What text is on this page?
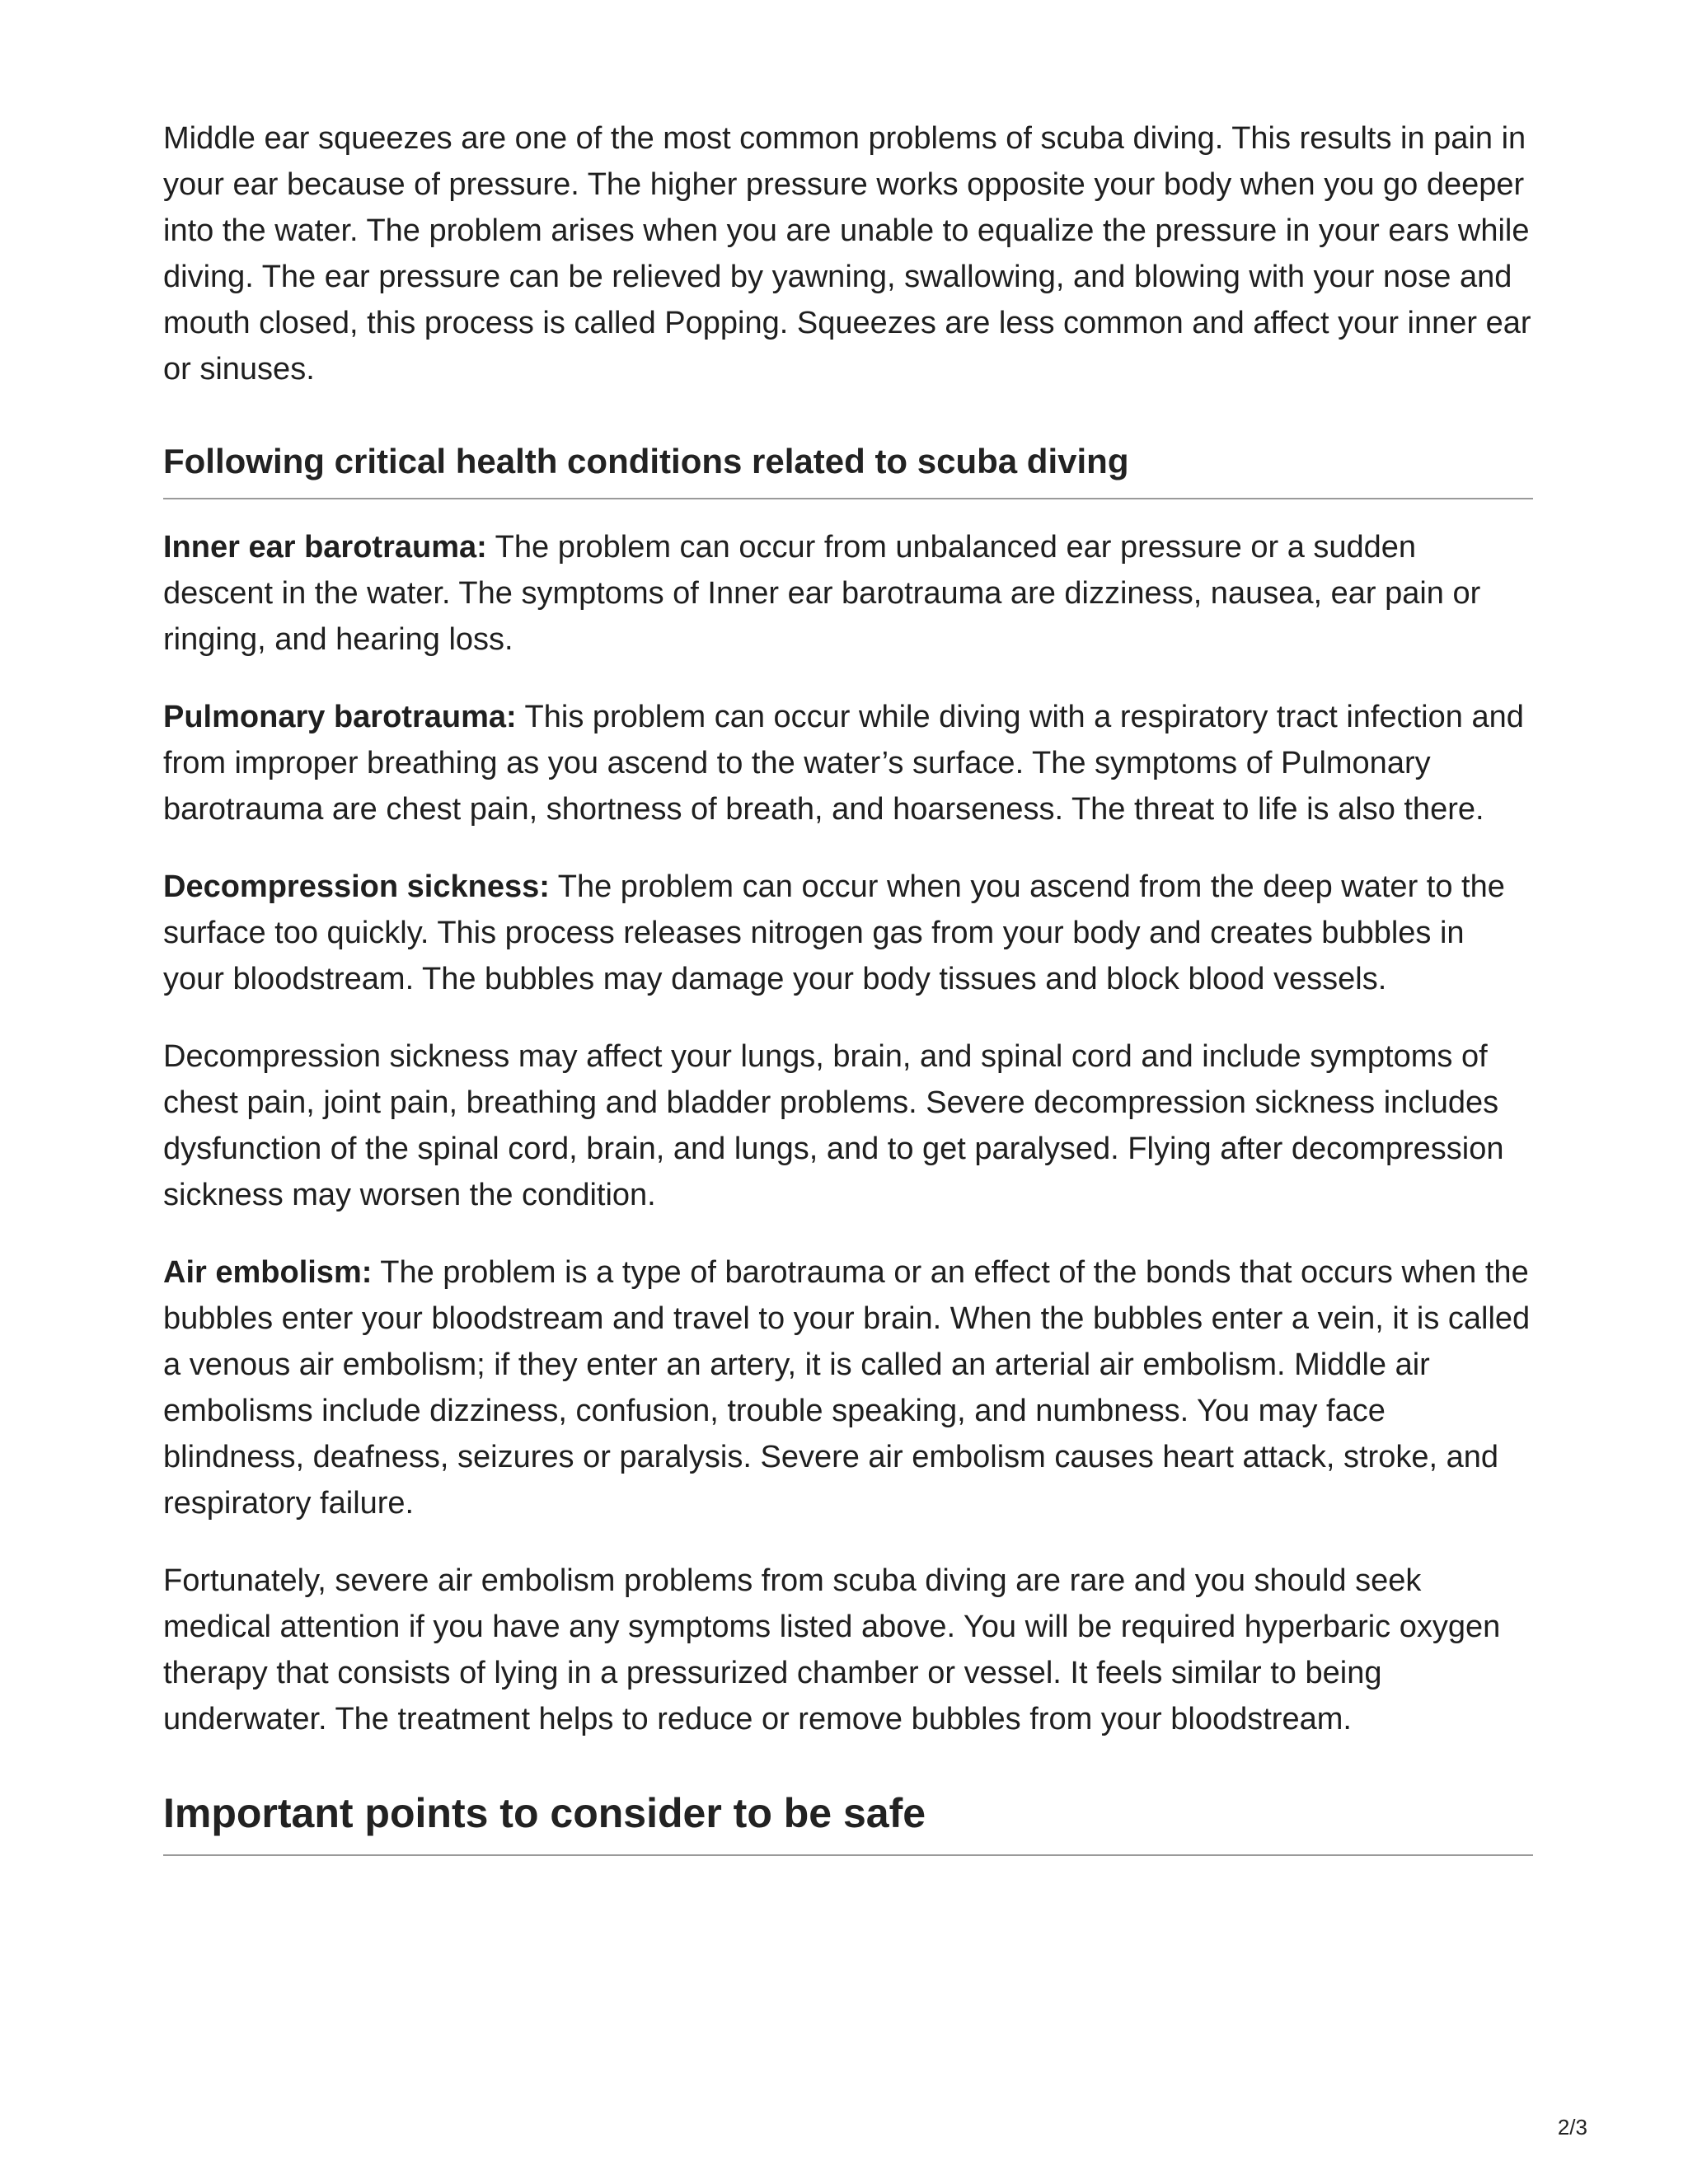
Middle ear squeezes are one of the most common problems of scuba diving. This results in pain in your ear because of pressure. The higher pressure works opposite your body when you go deeper into the water. The problem arises when you are unable to equalize the pressure in your ears while diving. The ear pressure can be relieved by yawning, swallowing, and blowing with your nose and mouth closed, this process is called Popping. Squeezes are less common and affect your inner ear or sinuses.

Following critical health conditions related to scuba diving

Inner ear barotrauma: The problem can occur from unbalanced ear pressure or a sudden descent in the water. The symptoms of Inner ear barotrauma are dizziness, nausea, ear pain or ringing, and hearing loss.

Pulmonary barotrauma: This problem can occur while diving with a respiratory tract infection and from improper breathing as you ascend to the water’s surface. The symptoms of Pulmonary barotrauma are chest pain, shortness of breath, and hoarseness. The threat to life is also there.

Decompression sickness: The problem can occur when you ascend from the deep water to the surface too quickly. This process releases nitrogen gas from your body and creates bubbles in your bloodstream. The bubbles may damage your body tissues and block blood vessels.

Decompression sickness may affect your lungs, brain, and spinal cord and include symptoms of chest pain, joint pain, breathing and bladder problems. Severe decompression sickness includes dysfunction of the spinal cord, brain, and lungs, and to get paralysed. Flying after decompression sickness may worsen the condition.

Air embolism: The problem is a type of barotrauma or an effect of the bonds that occurs when the bubbles enter your bloodstream and travel to your brain. When the bubbles enter a vein, it is called a venous air embolism; if they enter an artery, it is called an arterial air embolism. Middle air embolisms include dizziness, confusion, trouble speaking, and numbness. You may face blindness, deafness, seizures or paralysis. Severe air embolism causes heart attack, stroke, and respiratory failure.

Fortunately, severe air embolism problems from scuba diving are rare and you should seek medical attention if you have any symptoms listed above. You will be required hyperbaric oxygen therapy that consists of lying in a pressurized chamber or vessel. It feels similar to being underwater. The treatment helps to reduce or remove bubbles from your bloodstream.

Important points to consider to be safe
2/3
